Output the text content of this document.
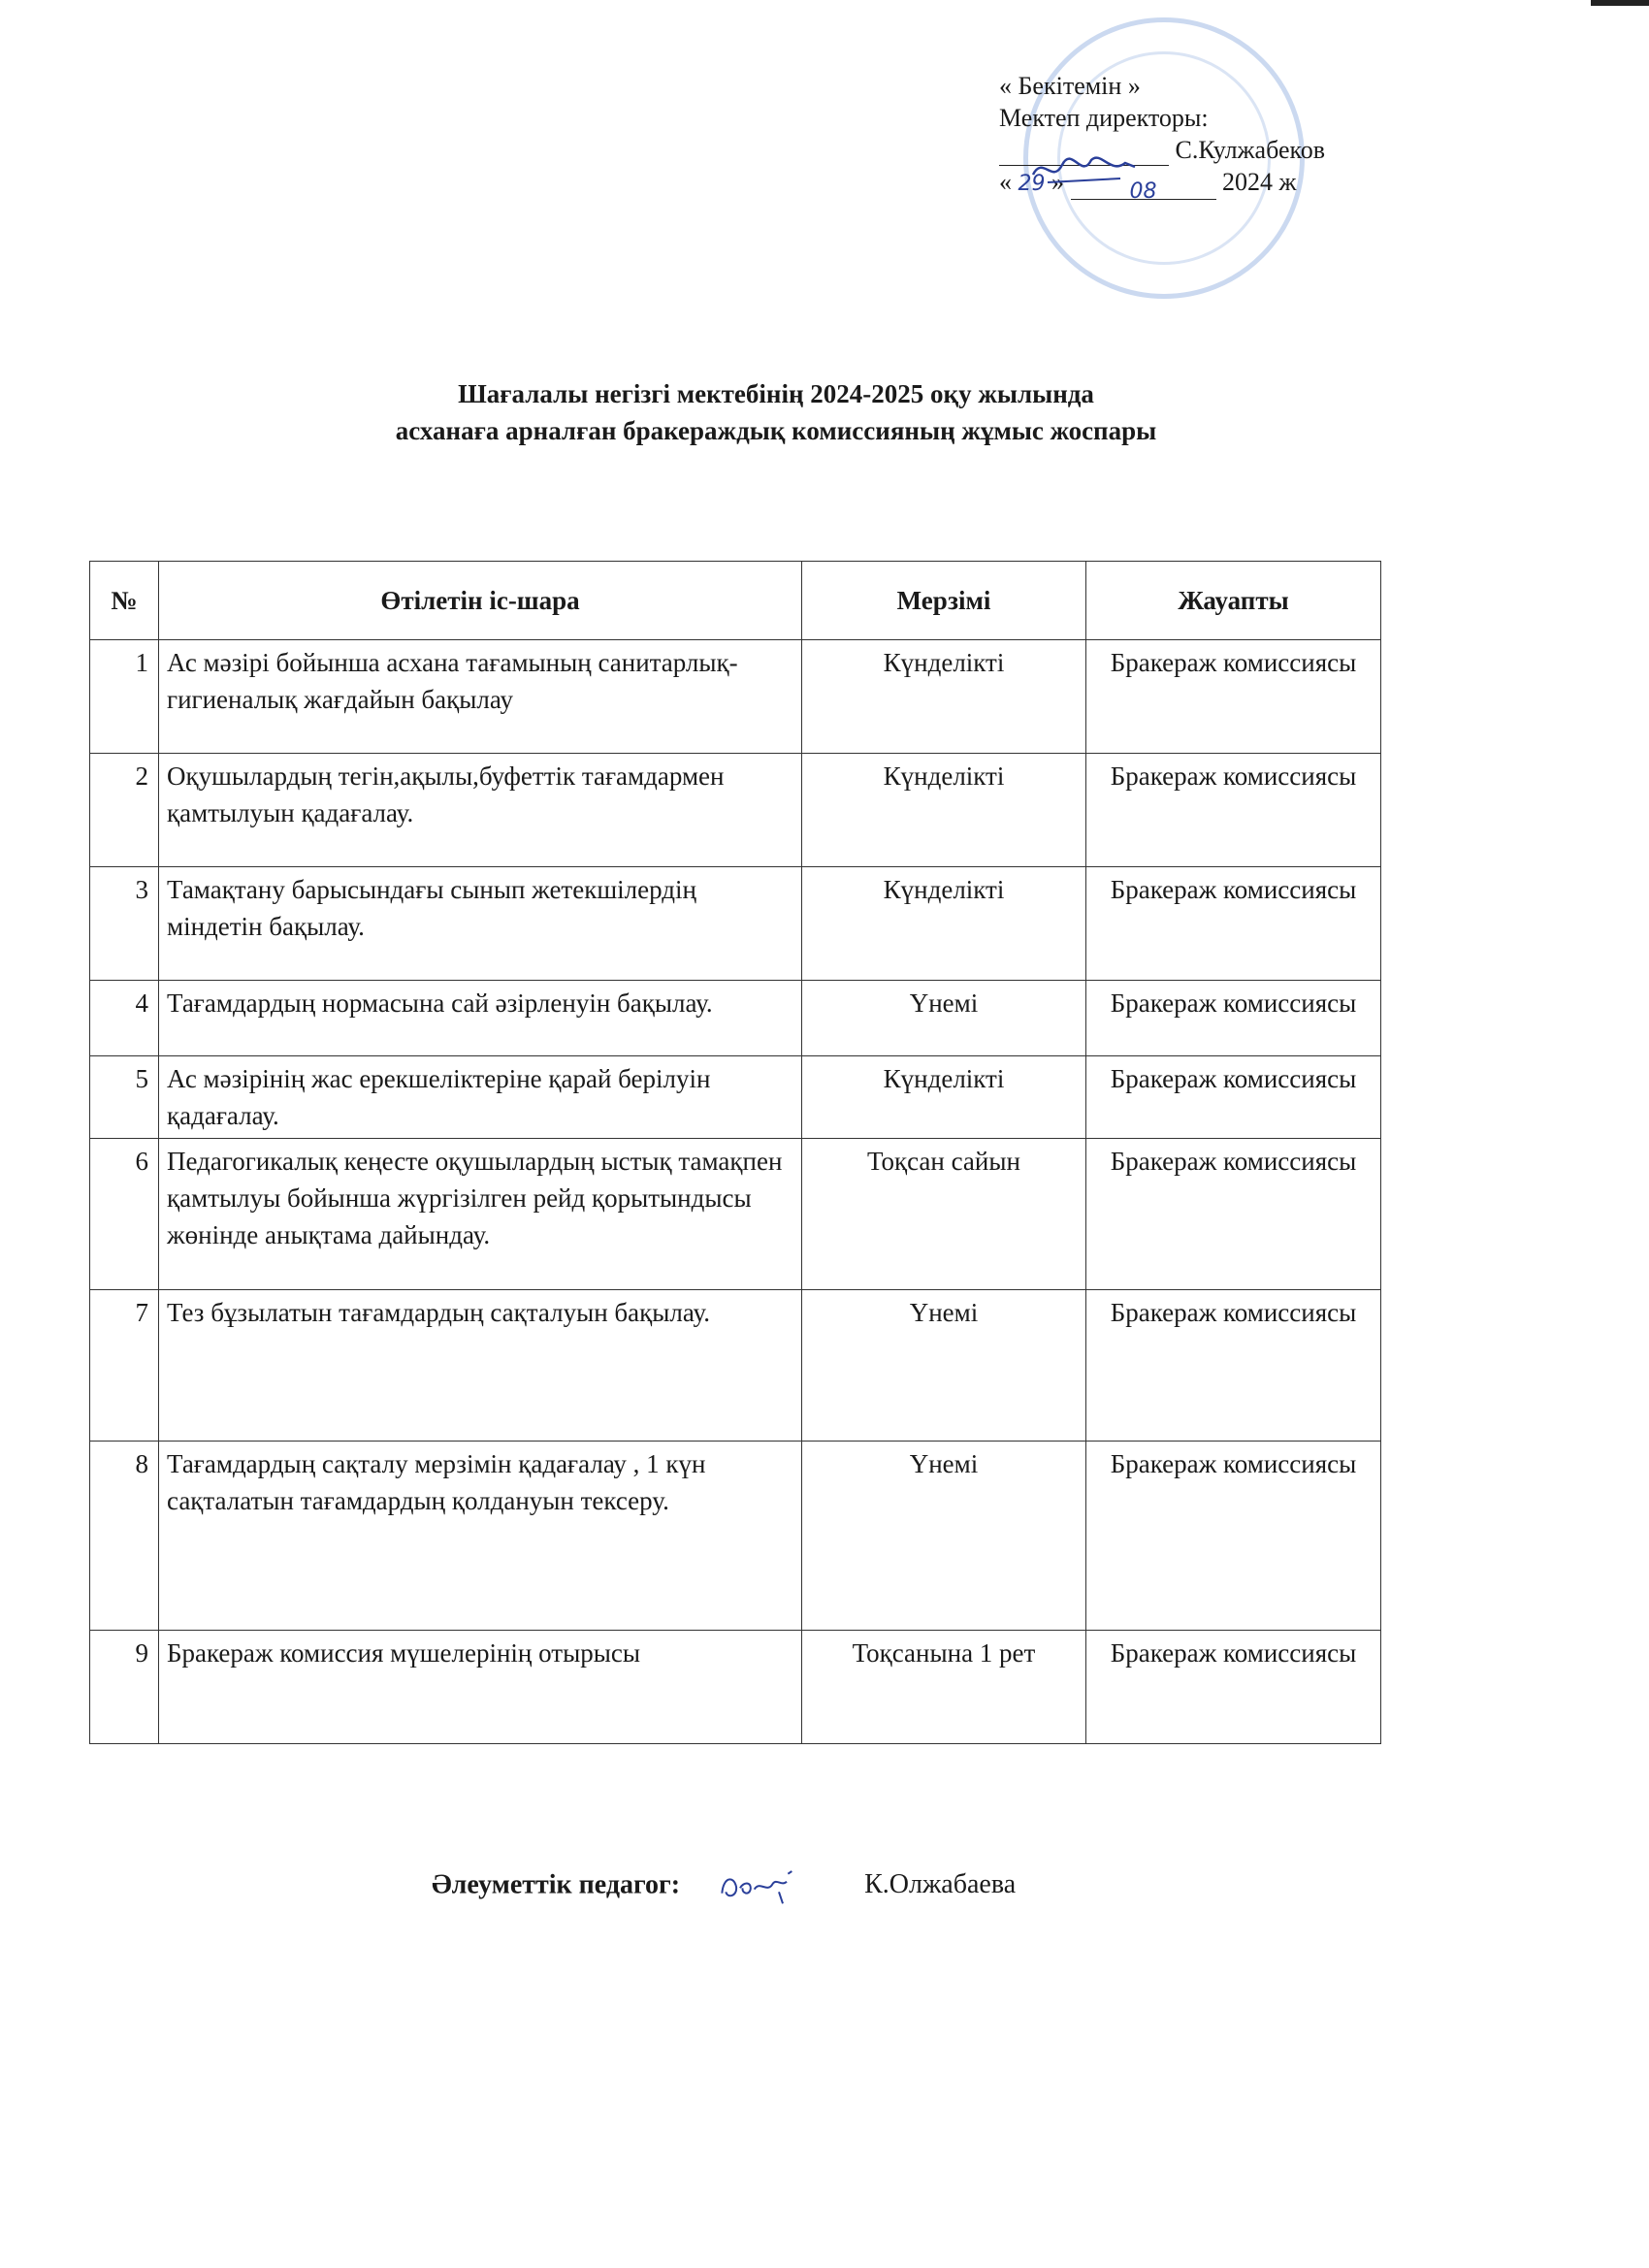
« Бекітемін »
Мектеп директоры:
С.Кулжабеков
« 29 »	08	2024 ж
Шағалалы негізгі мектебінің 2024-2025 оқу жылында
асханаға арналған бракераждық комиссияның жұмыс жоспары
№	Өтілетін іс-шара	Мерзімі	Жауапты
1	Ас мәзірі бойынша асхана тағамының санитарлық- гигиеналық жағдайын бақылау	Күнделікті	Бракераж комиссиясы
2	Оқушылардың тегін,ақылы,буфеттік тағамдармен қамтылуын қадағалау.	Күнделікті	Бракераж комиссиясы
3	Тамақтану барысындағы сынып жетекшілердің міндетін бақылау.	Күнделікті	Бракераж комиссиясы
4	Тағамдардың нормасына сай әзірленуін бақылау.	Үнемі	Бракераж комиссиясы
5	Ас мәзірінің жас ерекшеліктеріне қарай берілуін қадағалау.	Күнделікті	Бракераж комиссиясы
6	Педагогикалық кеңесте оқушылардың ыстық тамақпен қамтылуы бойынша жүргізілген рейд қорытындысы жөнінде анықтама дайындау.	Тоқсан сайын	Бракераж комиссиясы
7	Тез бұзылатын тағамдардың сақталуын бақылау.	Үнемі	Бракераж комиссиясы
8	Тағамдардың сақталу мерзімін қадағалау , 1 күн сақталатын тағамдардың қолдануын тексеру.	Үнемі	Бракераж комиссиясы
9	Бракераж комиссия мүшелерінің отырысы	Тоқсанына 1 рет	Бракераж комиссиясы
Әлеуметтік педагог:	К.Олжабаева
